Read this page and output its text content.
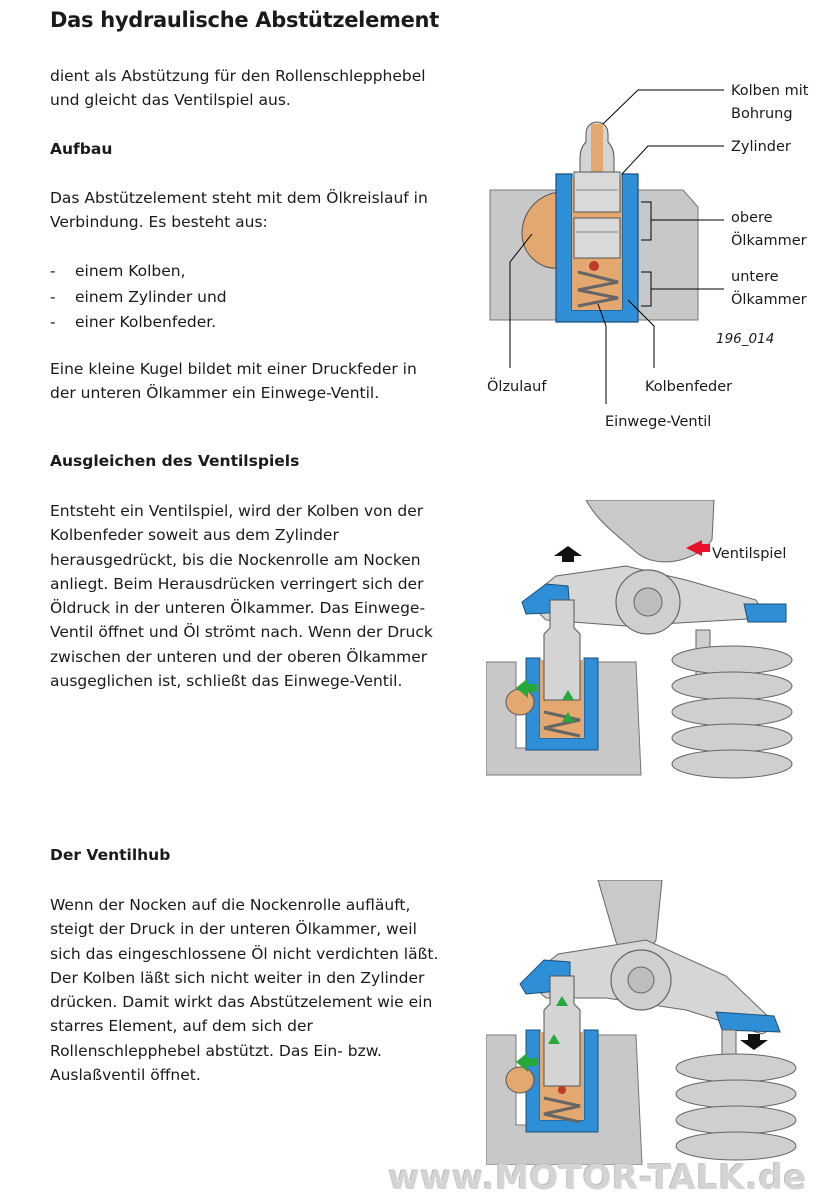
Das hydraulische Abstützelement

dient als Abstützung für den Rollenschlepphebel und gleicht das Ventilspiel aus.

Aufbau

Das Abstützelement steht mit dem Ölkreislauf in Verbindung. Es besteht aus:

- einem Kolben,
- einem Zylinder und
- einer Kolbenfeder.

Eine kleine Kugel bildet mit einer Druckfeder in der unteren Ölkammer ein Einwege-Ventil.

Ausgleichen des Ventilspiels

Entsteht ein Ventilspiel, wird der Kolben von der Kolbenfeder soweit aus dem Zylinder herausgedrückt, bis die Nockenrolle am Nocken anliegt. Beim Herausdrücken verringert sich der Öldruck in der unteren Ölkammer. Das Einwege-Ventil öffnet und Öl strömt nach. Wenn der Druck zwischen der unteren und der oberen Ölkammer ausgeglichen ist, schließt das Einwege-Ventil.

Der Ventilhub

Wenn der Nocken auf die Nockenrolle aufläuft, steigt der Druck in der unteren Ölkammer, weil sich das eingeschlossene Öl nicht verdichten läßt. Der Kolben läßt sich nicht weiter in den Zylinder drücken. Damit wirkt das Abstützelement wie ein starres Element, auf dem sich der Rollenschlepphebel abstützt. Das Ein- bzw. Auslaßventil öffnet.

Kolben mit Bohrung
Zylinder
obere Ölkammer
untere Ölkammer
196_014
Ölzulauf	Kolbenfeder
Einwege-Ventil
Ventilspiel
www.MOTOR-TALK.de
